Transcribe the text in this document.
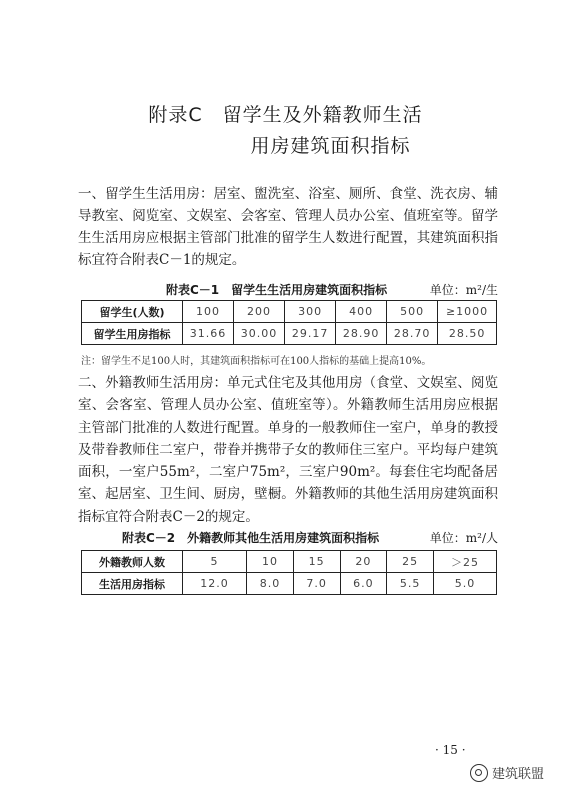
附录C　留学生及外籍教师生活
用房建筑面积指标
一、留学生生活用房：居室、盥洗室、浴室、厕所、食堂、洗衣房、辅导教室、阅览室、文娱室、会客室、管理人员办公室、值班室等。留学生生活用房应根据主管部门批准的留学生人数进行配置，其建筑面积指标宜符合附表C－1的规定。
附表C－1　留学生生活用房建筑面积指标	单位：m²/生
留学生(人数)	100	200	300	400	500	≥1000
留学生用房指标	31.66	30.00	29.17	28.90	28.70	28.50
注：留学生不足100人时，其建筑面积指标可在100人指标的基础上提高10%。
二、外籍教师生活用房：单元式住宅及其他用房（食堂、文娱室、阅览室、会客室、管理人员办公室、值班室等）。外籍教师生活用房应根据主管部门批准的人数进行配置。单身的一般教师住一室户，单身的教授及带眷教师住二室户，带眷并携带子女的教师住三室户。平均每户建筑面积，一室户55m²，二室户75m²，三室户90m²。每套住宅均配备居室、起居室、卫生间、厨房，壁橱。外籍教师的其他生活用房建筑面积指标宜符合附表C－2的规定。
附表C－2　外籍教师其他生活用房建筑面积指标	单位：m²/人
外籍教师人数	5	10	15	20	25	＞25
生活用房指标	12.0	8.0	7.0	6.0	5.5	5.0
· 15 ·
建筑联盟
